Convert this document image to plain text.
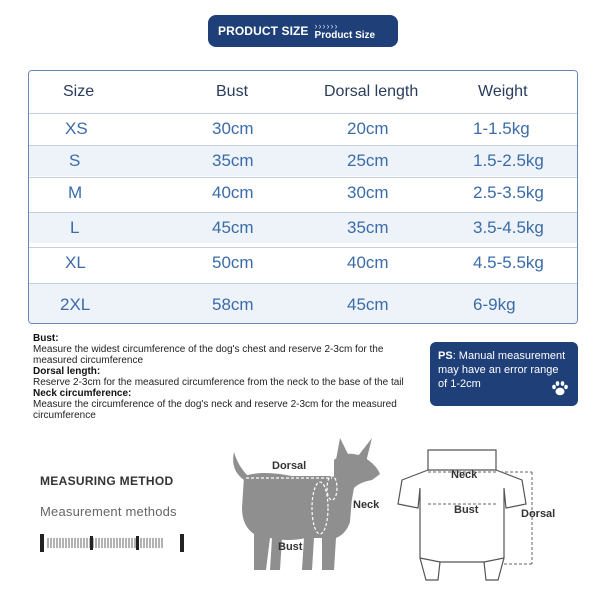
PRODUCT SIZE ››››››
Product Size
Size	Bust	Dorsal length	Weight
XS	30cm	20cm	1-1.5kg
S	35cm	25cm	1.5-2.5kg
M	40cm	30cm	2.5-3.5kg
L	45cm	35cm	3.5-4.5kg
XL	50cm	40cm	4.5-5.5kg
2XL	58cm	45cm	6-9kg
Bust:
Measure the widest circumference of the dog's chest and reserve 2-3cm for the measured circumference
Dorsal length:
Reserve 2-3cm for the measured circumference from the neck to the base of the tail
Neck circumference:
Measure the circumference of the dog's neck and reserve 2-3cm for the measured circumference
PS: Manual measurement may have an error range of 1-2cm
MEASURING METHOD
Measurement methods
Dorsal
Neck
Bust
Neck
Bust	Dorsal
